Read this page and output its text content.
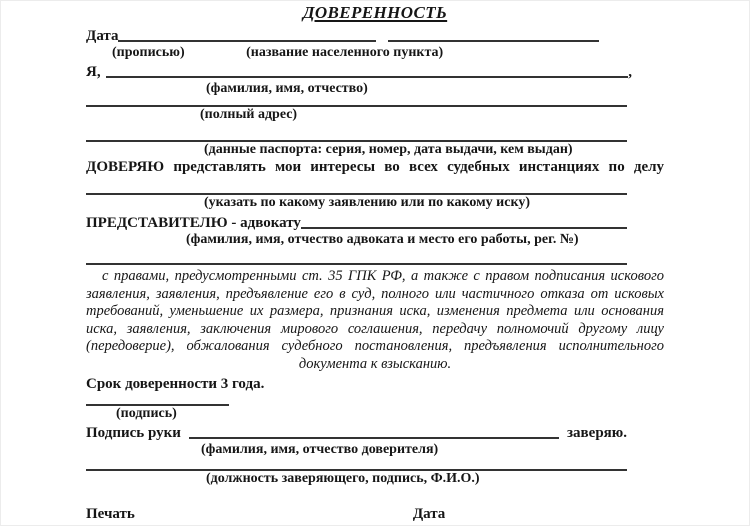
ДОВЕРЕННОСТЬ
Дата
(прописью)	(название населенного пункта)
Я,	,
(фамилия, имя, отчество)
(полный адрес)
(данные паспорта: серия, номер, дата выдачи, кем выдан)
ДОВЕРЯЮ представлять мои интересы во всех судебных инстанциях по делу
(указать по какому заявлению или по какому иску)
ПРЕДСТАВИТЕЛЮ - адвокату
(фамилия, имя, отчество адвоката и место его работы, рег. №)
с правами, предусмотренными ст. 35 ГПК РФ, а также с правом подписания искового
заявления, заявления, предъявление его в суд, полного или частичного отказа от исковых
требований, уменьшение их размера, признания иска, изменения предмета или основания
иска, заявления, заключения мирового соглашения, передачу полномочий другому лицу
(передоверие), обжалования судебного постановления, предъявления исполнительного
документа к взысканию.
Срок доверенности 3 года.
(подпись)
Подпись руки	заверяю.
(фамилия, имя, отчество доверителя)
(должность заверяющего, подпись, Ф.И.О.)
Печать	Дата
